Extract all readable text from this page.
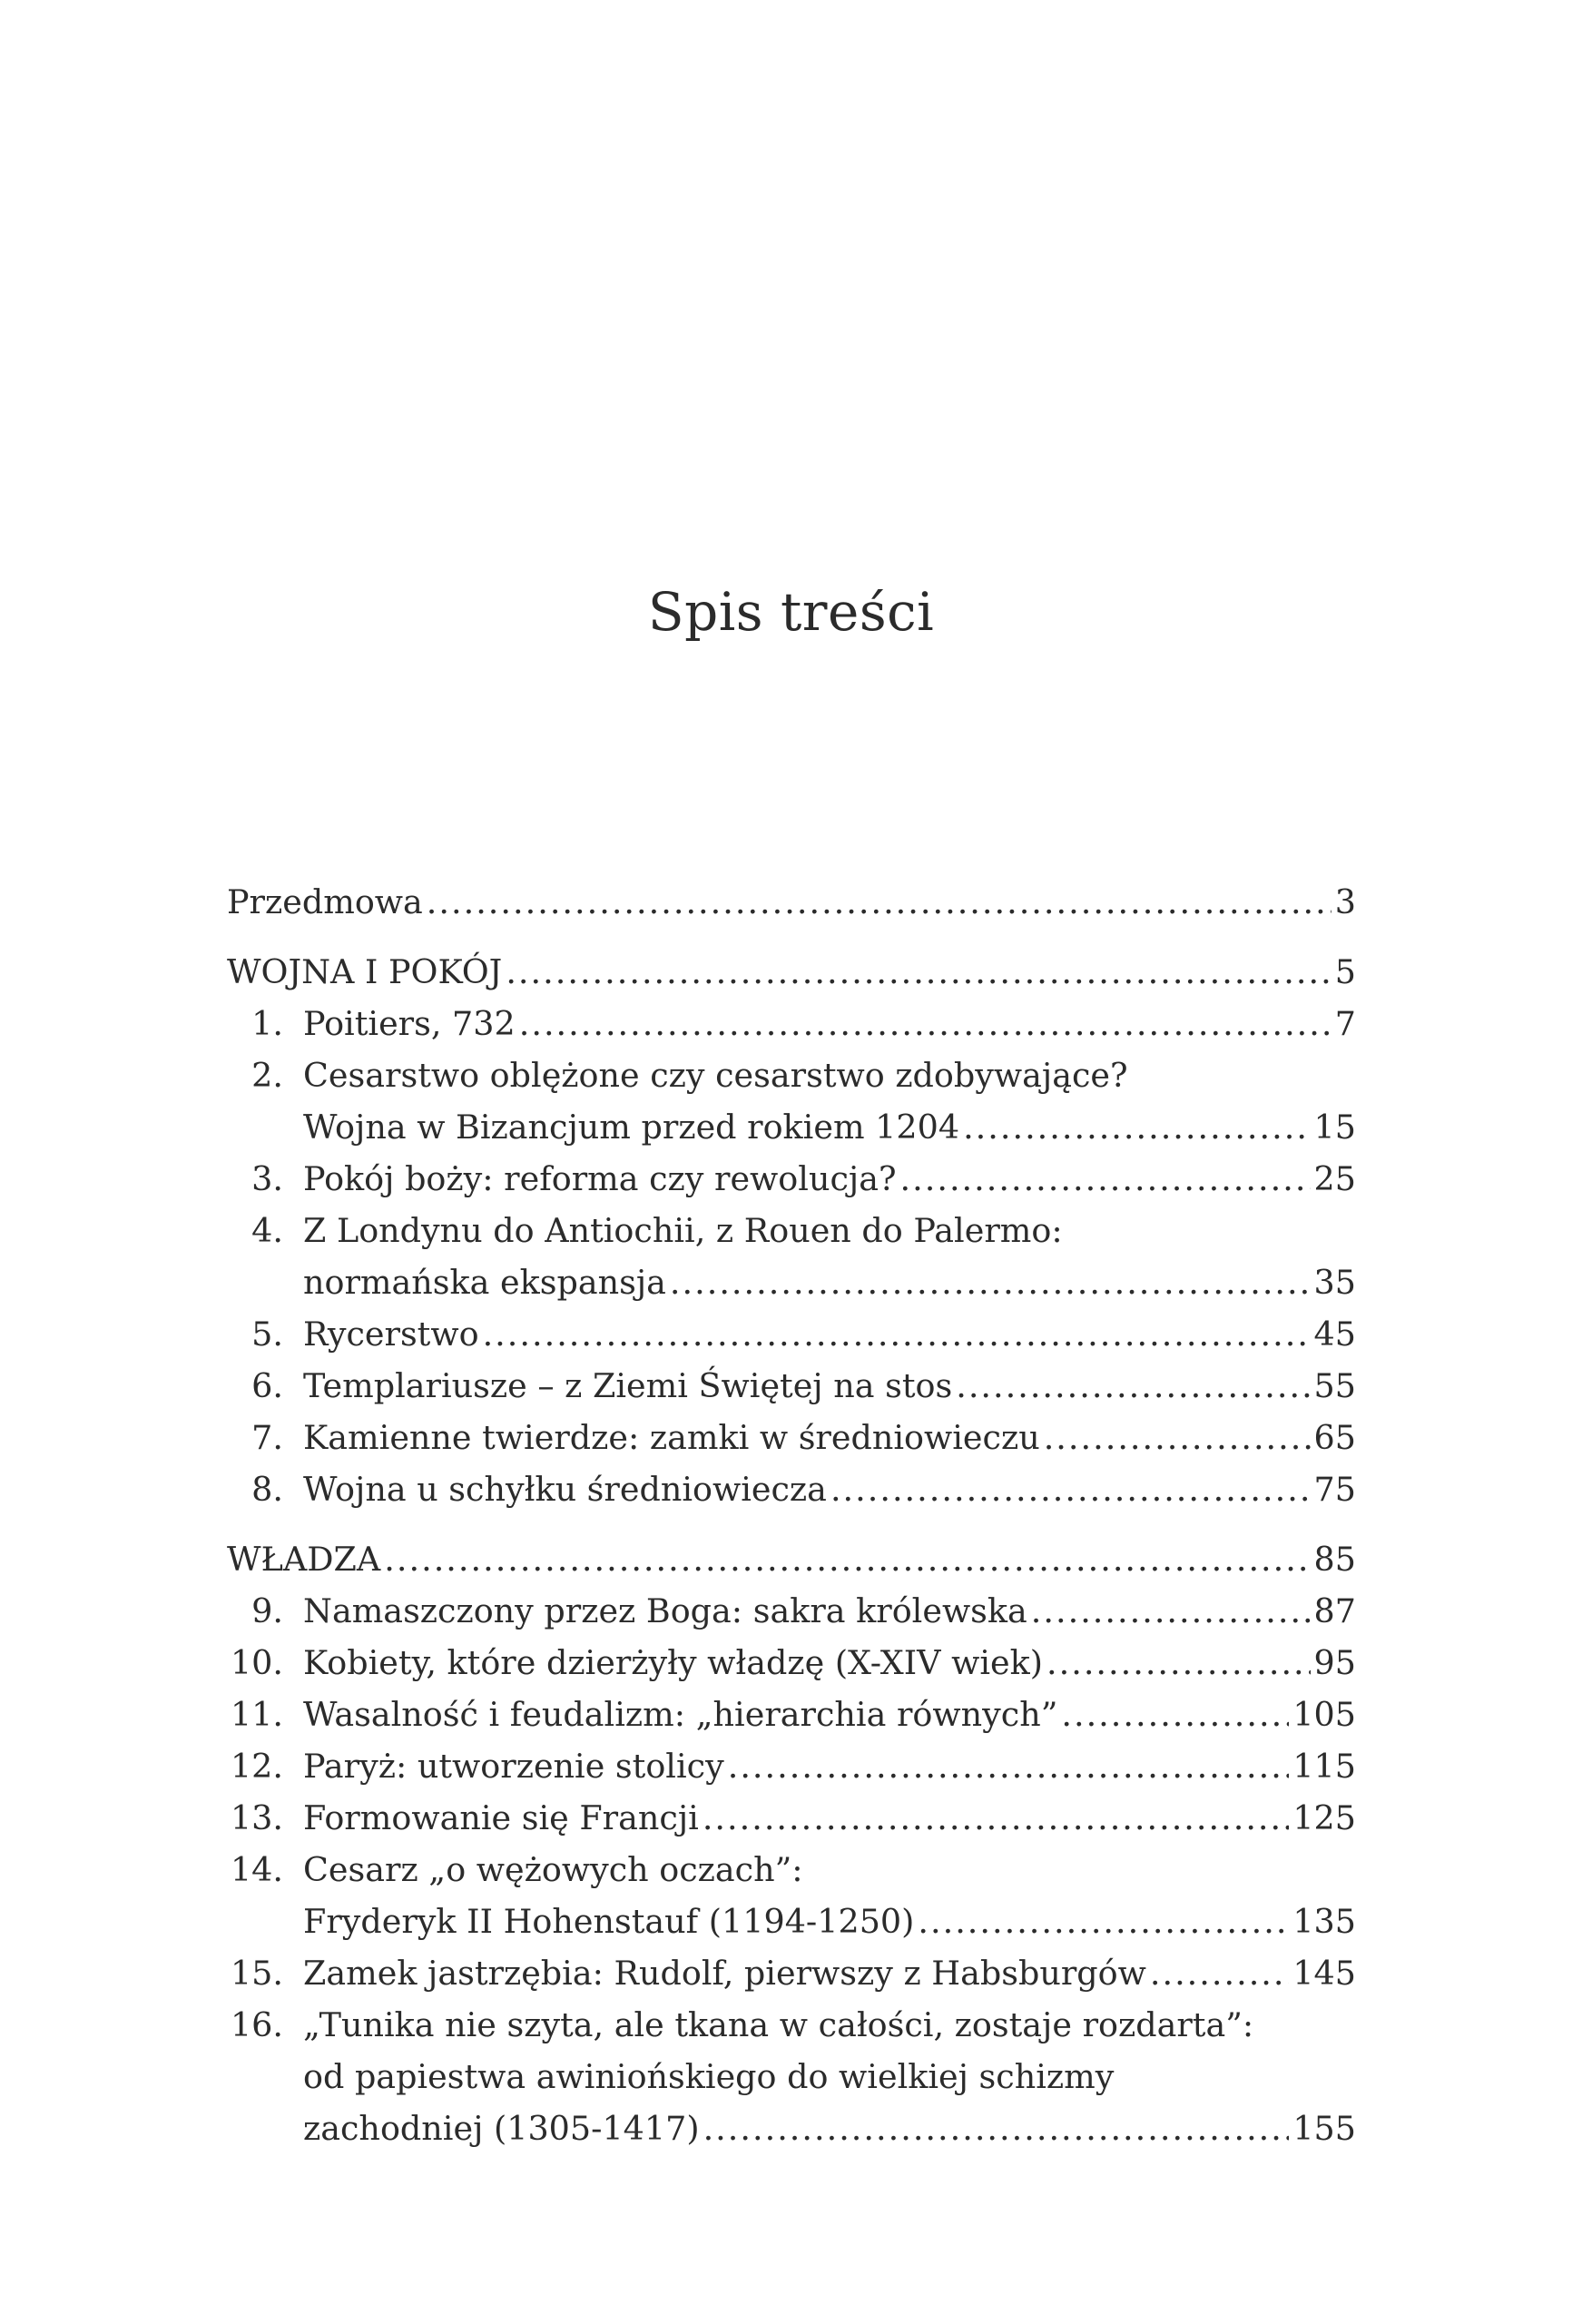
Spis treści
Przedmowa .....	3
WOJNA I POKÓJ .....	5
1. Poitiers, 732 .....	7
2. Cesarstwo oblężone czy cesarstwo zdobywające?
Wojna w Bizancjum przed rokiem 1204 .....	15
3. Pokój boży: reforma czy rewolucja? .....	25
4. Z Londynu do Antiochii, z Rouen do Palermo:
normańska ekspansja .....	35
5. Rycerstwo .....	45
6. Templariusze – z Ziemi Świętej na stos .....	55
7. Kamienne twierdze: zamki w średniowieczu .....	65
8. Wojna u schyłku średniowiecza .....	75
WŁADZA .....	85
9. Namaszczony przez Boga: sakra królewska .....	87
10. Kobiety, które dzierżyły władzę (X-XIV wiek) .....	95
11. Wasalność i feudalizm: „hierarchia równych” .....	105
12. Paryż: utworzenie stolicy .....	115
13. Formowanie się Francji .....	125
14. Cesarz „o wężowych oczach”:
Fryderyk II Hohenstauf (1194-1250) .....	135
15. Zamek jastrzębia: Rudolf, pierwszy z Habsburgów .....	145
16. „Tunika nie szyta, ale tkana w całości, zostaje rozdarta”:
od papiestwa awiniońskiego do wielkiej schizmy
zachodniej (1305-1417) .....	155
